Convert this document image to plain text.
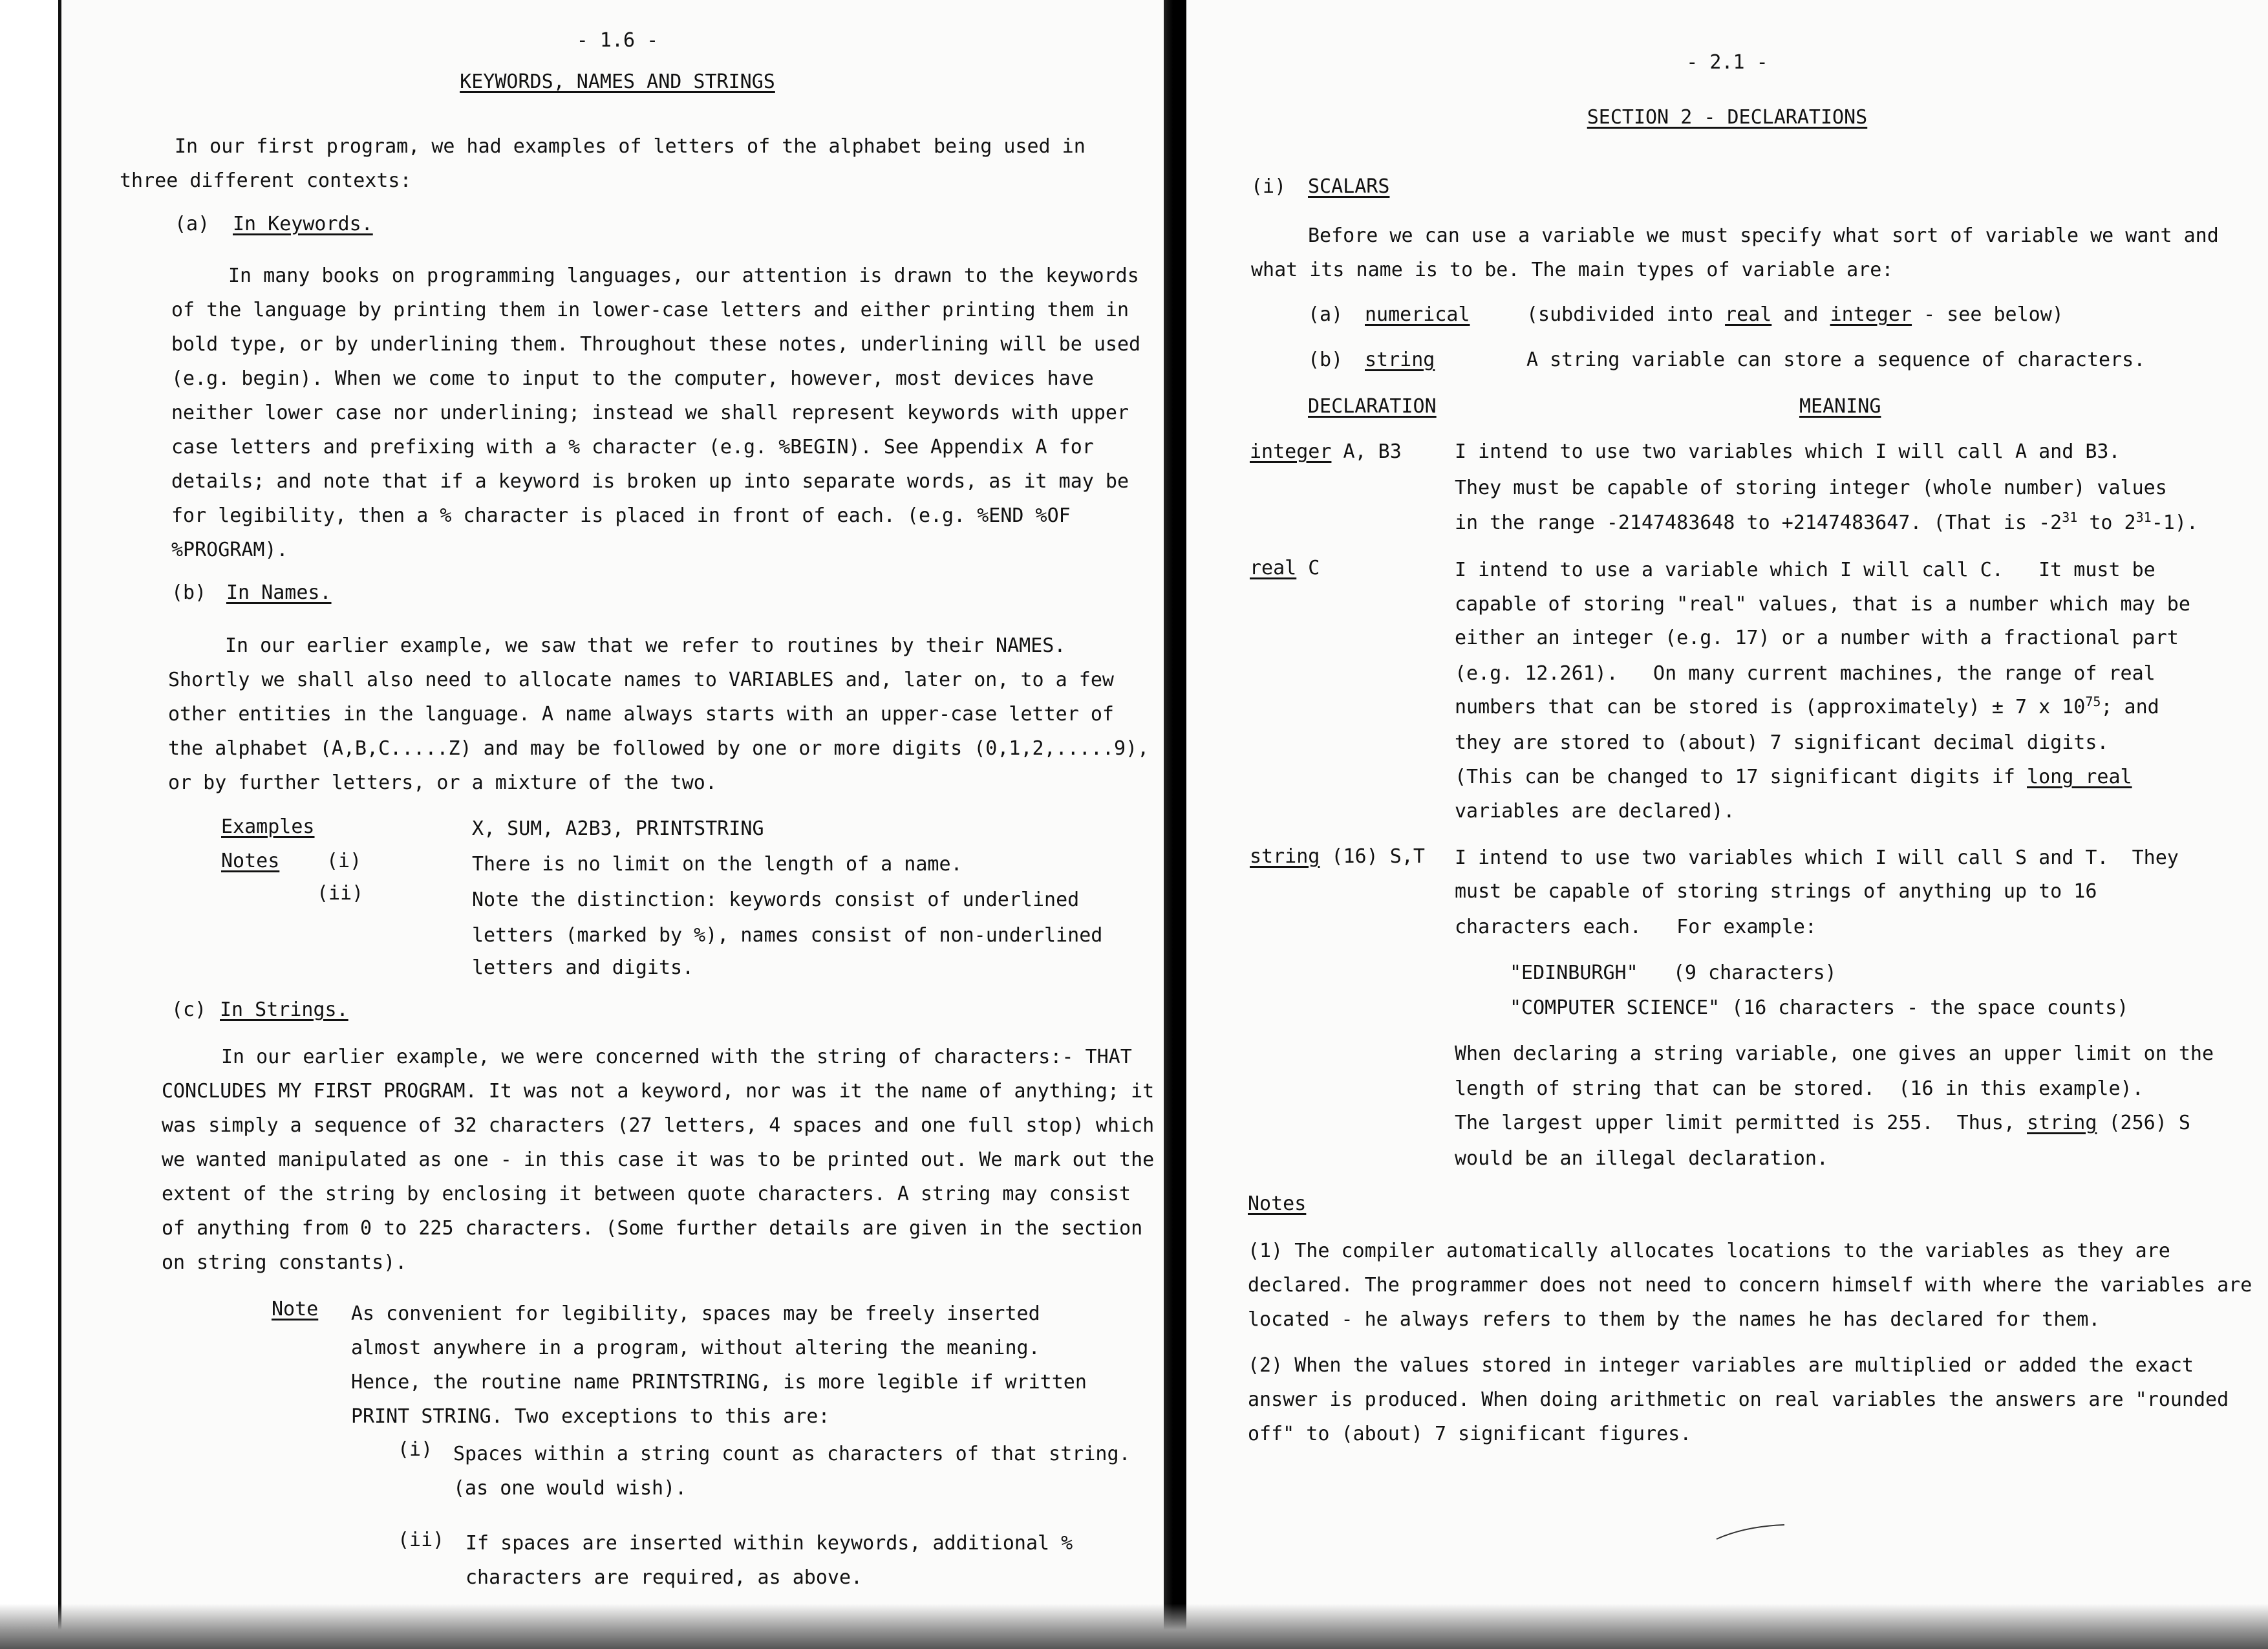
- 1.6 -
KEYWORDS, NAMES AND STRINGS
In our first program, we had examples of letters of the alphabet being used in three different contexts:
(a) In Keywords.
In many books on programming languages, our attention is drawn to the keywords of the language by printing them in lower-case letters and either printing them in bold type, or by underlining them. Throughout these notes, underlining will be used (e.g. begin). When we come to input to the computer, however, most devices have neither lower case nor underlining; instead we shall represent keywords with upper case letters and prefixing with a % character (e.g. %BEGIN). See Appendix A for details; and note that if a keyword is broken up into separate words, as it may be for legibility, then a % character is placed in front of each. (e.g. %END %OF %PROGRAM).
(b) In Names.
In our earlier example, we saw that we refer to routines by their NAMES. Shortly we shall also need to allocate names to VARIABLES and, later on, to a few other entities in the language. A name always starts with an upper-case letter of the alphabet (A,B,C.....Z) and may be followed by one or more digits (0,1,2,.....9), or by further letters, or a mixture of the two.
Examples	X, SUM, A2B3, PRINTSTRING
Notes (i)	There is no limit on the length of a name.
(ii)	Note the distinction: keywords consist of underlined
letters (marked by %), names consist of non-underlined
letters and digits.
(c) In Strings.
In our earlier example, we were concerned with the string of characters:- THAT CONCLUDES MY FIRST PROGRAM. It was not a keyword, nor was it the name of anything; it was simply a sequence of 32 characters (27 letters, 4 spaces and one full stop) which we wanted manipulated as one - in this case it was to be printed out. We mark out the extent of the string by enclosing it between quote characters. A string may consist of anything from 0 to 225 characters. (Some further details are given in the section on string constants).
Note As convenient for legibility, spaces may be freely inserted almost anywhere in a program, without altering the meaning. Hence, the routine name PRINTSTRING, is more legible if written PRINT STRING. Two exceptions to this are:
(i) Spaces within a string count as characters of that string. (as one would wish).
(ii) If spaces are inserted within keywords, additional % characters are required, as above.
- 2.1 -
SECTION 2 - DECLARATIONS
(i) SCALARS
Before we can use a variable we must specify what sort of variable we want and what its name is to be. The main types of variable are:
(a) numerical	(subdivided into real and integer - see below)
(b) string	A string variable can store a sequence of characters.
DECLARATION	MEANING
integer A, B3	I intend to use two variables which I will call A and B3.
They must be capable of storing integer (whole number) values
in the range -2147483648 to +2147483647. (That is $-2^{31}$ to $2^{31}-1$).
real C	I intend to use a variable which I will call C.   It must be
capable of storing "real" values, that is a number which may be
either an integer (e.g. 17) or a number with a fractional part
(e.g. 12.261).   On many current machines, the range of real
numbers that can be stored is (approximately) ± 7 x $10^{75}$; and
they are stored to (about) 7 significant decimal digits.
(This can be changed to 17 significant digits if long real
variables are declared).
string (16) S,T I intend to use two variables which I will call S and T.  They
must be capable of storing strings of anything up to 16
characters each.   For example:
"EDINBURGH"   (9 characters)
"COMPUTER SCIENCE" (16 characters - the space counts)
When declaring a string variable, one gives an upper limit on the
length of string that can be stored.  (16 in this example).
The largest upper limit permitted is 255.  Thus, string (256) S
would be an illegal declaration.
Notes
(1) The compiler automatically allocates locations to the variables as they are declared. The programmer does not need to concern himself with where the variables are located - he always refers to them by the names he has declared for them.
(2) When the values stored in integer variables are multiplied or added the exact answer is produced. When doing arithmetic on real variables the answers are "rounded off" to (about) 7 significant figures.
